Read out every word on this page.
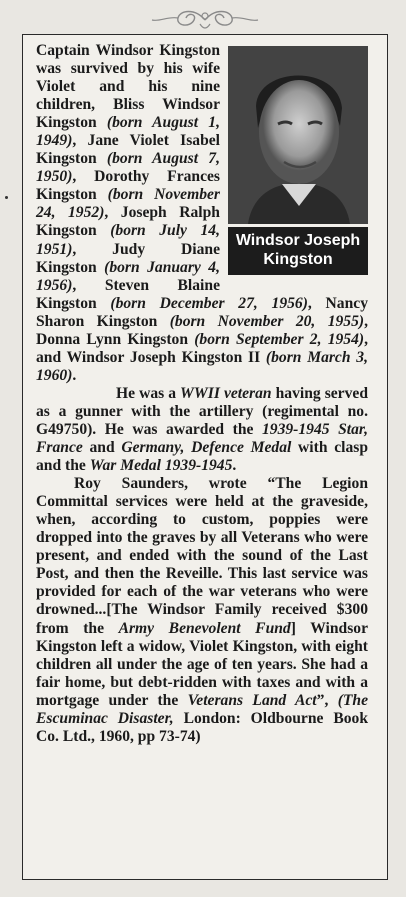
Windsor Joseph Kingston

Captain Windsor Kingston was survived by his wife Violet and his nine children, Bliss Windsor Kingston (born August 1, 1949), Jane Violet Isabel Kingston (born August 7, 1950), Dorothy Frances Kingston (born November 24, 1952), Joseph Ralph Kingston (born July 14, 1951), Judy Diane Kingston (born January 4, 1956), Steven Blaine Kingston (born December 27, 1956), Nancy Sharon Kingston (born November 20, 1955), Donna Lynn Kingston (born September 2, 1954), and Windsor Joseph Kingston II (born March 3, 1960).

He was a WWII veteran having served as a gunner with the artillery (regimental no. G49750). He was awarded the 1939-1945 Star, France and Germany, Defence Medal with clasp and the War Medal 1939-1945.

Roy Saunders, wrote “The Legion Committal services were held at the graveside, when, according to custom, poppies were dropped into the graves by all Veterans who were present, and ended with the sound of the Last Post, and then the Reveille. This last service was provided for each of the war veterans who were drowned...[The Windsor Family received $300 from the Army Benevolent Fund] Windsor Kingston left a widow, Violet Kingston, with eight children all under the age of ten years. She had a fair home, but debt-ridden with taxes and with a mortgage under the Veterans Land Act”, (The Escuminac Disaster, London: Oldbourne Book Co. Ltd., 1960, pp 73-74)
